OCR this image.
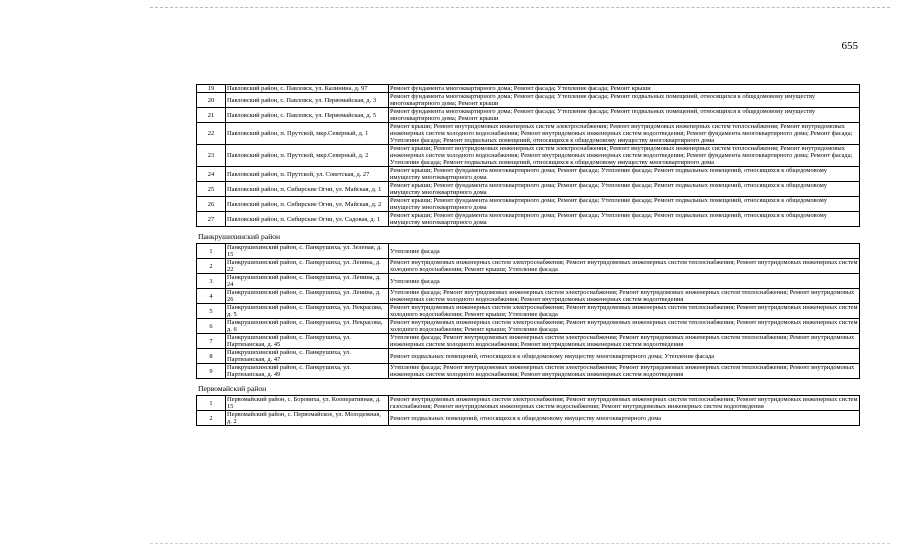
655
19	Павловский район, с. Павловск, ул. Калинина, д. 97	Ремонт фундамента многоквартирного дома; Ремонт фасада; Утепление фасада; Ремонт крыши
20	Павловский район, с. Павловск, ул. Первомайская, д. 3	Ремонт фундамента многоквартирного дома; Ремонт фасада; Утепление фасада; Ремонт подвальных помещений, относящихся к общедомовому имуществу многоквартирного дома; Ремонт крыши
21	Павловский район, с. Павловск, ул. Первомайская, д. 5	Ремонт фундамента многоквартирного дома; Ремонт фасада; Утепление фасада; Ремонт подвальных помещений, относящихся к общедомовому имуществу многоквартирного дома; Ремонт крыши
22	Павловский район, п. Прутской, мкр.Северный, д. 1	Ремонт крыши; Ремонт внутридомовых инженерных систем электроснабжения; Ремонт внутридомовых инженерных систем теплоснабжения; Ремонт внутридомовых инженерных систем холодного водоснабжения; Ремонт внутридомовых инженерных систем водоотведения; Ремонт фундамента многоквартирного дома; Ремонт фасада; Утепление фасада; Ремонт подвальных помещений, относящихся к общедомовому имуществу многоквартирного дома
23	Павловский район, п. Прутской, мкр.Северный, д. 2	Ремонт крыши; Ремонт внутридомовых инженерных систем электроснабжения; Ремонт внутридомовых инженерных систем теплоснабжения; Ремонт внутридомовых инженерных систем холодного водоснабжения; Ремонт внутридомовых инженерных систем водоотведения; Ремонт фундамента многоквартирного дома; Ремонт фасада; Утепление фасада; Ремонт подвальных помещений, относящихся к общедомовому имуществу многоквартирного дома
24	Павловский район, п. Прутской, ул. Советская, д. 27	Ремонт крыши; Ремонт фундамента многоквартирного дома; Ремонт фасада; Утепление фасада; Ремонт подвальных помещений, относящихся к общедомовому имуществу многоквартирного дома
25	Павловский район, п. Сибирские Огни, ул. Майская, д. 1	Ремонт крыши; Ремонт фундамента многоквартирного дома; Ремонт фасада; Утепление фасада; Ремонт подвальных помещений, относящихся к общедомовому имуществу многоквартирного дома
26	Павловский район, п. Сибирские Огни, ул. Майская, д. 2	Ремонт крыши; Ремонт фундамента многоквартирного дома; Ремонт фасада; Утепление фасада; Ремонт подвальных помещений, относящихся к общедомовому имуществу многоквартирного дома
27	Павловский район, п. Сибирские Огни, ул. Садовая, д. 1	Ремонт крыши; Ремонт фундамента многоквартирного дома; Ремонт фасада; Утепление фасада; Ремонт подвальных помещений, относящихся к общедомовому имуществу многоквартирного дома
Панкрушихинский район
1	Панкрушихинский район, с. Панкрушиха, ул. Зеленая, д. 15	Утепление фасада
2	Панкрушихинский район, с. Панкрушиха, ул. Ленина, д. 22	Ремонт внутридомовых инженерных систем электроснабжения; Ремонт внутридомовых инженерных систем теплоснабжения; Ремонт внутридомовых инженерных систем холодного водоснабжения; Ремонт крыши; Утепление фасада
3	Панкрушихинский район, с. Панкрушиха, ул. Ленина, д. 24	Утепление фасада
4	Панкрушихинский район, с. Панкрушиха, ул. Ленина, д. 26	Утепление фасада; Ремонт внутридомовых инженерных систем электроснабжения; Ремонт внутридомовых инженерных систем теплоснабжения; Ремонт внутридомовых инженерных систем холодного водоснабжения; Ремонт внутридомовых инженерных систем водоотведения
5	Панкрушихинский район, с. Панкрушиха, ул. Некрасова, д. 5	Ремонт внутридомовых инженерных систем электроснабжения; Ремонт внутридомовых инженерных систем теплоснабжения; Ремонт внутридомовых инженерных систем холодного водоснабжения; Ремонт крыши; Утепление фасада
6	Панкрушихинский район, с. Панкрушиха, ул. Некрасова, д. 6	Ремонт внутридомовых инженерных систем электроснабжения; Ремонт внутридомовых инженерных систем теплоснабжения; Ремонт внутридомовых инженерных систем холодного водоснабжения; Ремонт крыши; Утепление фасада
7	Панкрушихинский район, с. Панкрушиха, ул. Партизанская, д. 45	Утепление фасада; Ремонт внутридомовых инженерных систем электроснабжения; Ремонт внутридомовых инженерных систем теплоснабжения; Ремонт внутридомовых инженерных систем холодного водоснабжения; Ремонт внутридомовых инженерных систем водоотведения
8	Панкрушихинский район, с. Панкрушиха, ул. Партизанская, д. 47	Ремонт подвальных помещений, относящихся к общедомовому имуществу многоквартирного дома; Утепление фасада
9	Панкрушихинский район, с. Панкрушиха, ул. Партизанская, д. 49	Утепление фасада; Ремонт внутридомовых инженерных систем электроснабжения; Ремонт внутридомовых инженерных систем теплоснабжения; Ремонт внутридомовых инженерных систем холодного водоснабжения; Ремонт внутридомовых инженерных систем водоотведения
Первомайский район
1	Первомайский район, с. Боровиха, ул. Кооперативная, д. 15	Ремонт внутридомовых инженерных систем электроснабжения; Ремонт внутридомовых инженерных систем теплоснабжения; Ремонт внутридомовых инженерных систем газоснабжения; Ремонт внутридомовых инженерных систем водоснабжения; Ремонт внутридомовых инженерных систем водоотведения
2	Первомайский район, с. Первомайское, ул. Молодежная, д. 2	Ремонт подвальных помещений, относящихся к общедомовому имуществу многоквартирного дома
